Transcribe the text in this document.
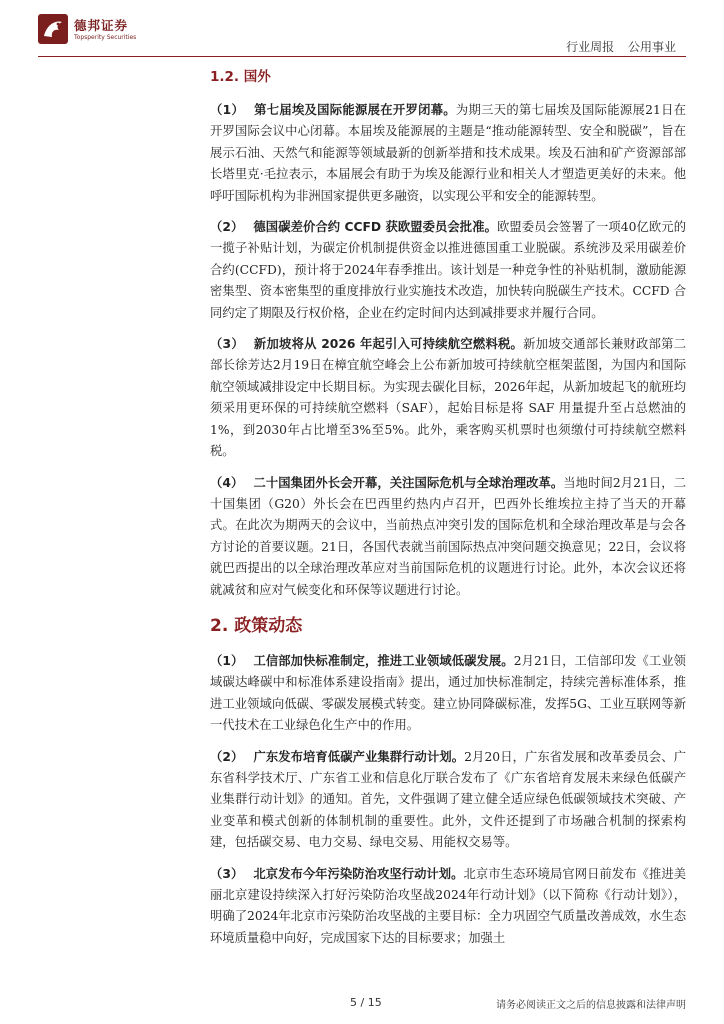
德邦证券
Topsperity Securities
行业周报 公用事业
1.2. 国外

（1） 第七届埃及国际能源展在开罗闭幕。为期三天的第七届埃及国际能源展21日在开罗国际会议中心闭幕。本届埃及能源展的主题是“推动能源转型、安全和脱碳”，旨在展示石油、天然气和能源等领域最新的创新举措和技术成果。埃及石油和矿产资源部部长塔里克·毛拉表示，本届展会有助于为埃及能源行业和相关人才塑造更美好的未来。他呼吁国际机构为非洲国家提供更多融资，以实现公平和安全的能源转型。

（2） 德国碳差价合约 CCFD 获欧盟委员会批准。欧盟委员会签署了一项40亿欧元的一揽子补贴计划，为碳定价机制提供资金以推进德国重工业脱碳。系统涉及采用碳差价合约(CCFD)，预计将于2024年春季推出。该计划是一种竞争性的补贴机制，激励能源密集型、资本密集型的重度排放行业实施技术改造，加快转向脱碳生产技术。CCFD 合同约定了期限及行权价格，企业在约定时间内达到减排要求并履行合同。

（3） 新加坡将从 2026 年起引入可持续航空燃料税。新加坡交通部长兼财政部第二部长徐芳达2月19日在樟宜航空峰会上公布新加坡可持续航空框架蓝图，为国内和国际航空领域减排设定中长期目标。为实现去碳化目标，2026年起，从新加坡起飞的航班均须采用更环保的可持续航空燃料（SAF），起始目标是将 SAF 用量提升至占总燃油的1%，到2030年占比增至3%至5%。此外，乘客购买机票时也须缴付可持续航空燃料税。

（4） 二十国集团外长会开幕，关注国际危机与全球治理改革。当地时间2月21日，二十国集团（G20）外长会在巴西里约热内卢召开，巴西外长维埃拉主持了当天的开幕式。在此次为期两天的会议中，当前热点冲突引发的国际危机和全球治理改革是与会各方讨论的首要议题。21日，各国代表就当前国际热点冲突问题交换意见；22日，会议将就巴西提出的以全球治理改革应对当前国际危机的议题进行讨论。此外，本次会议还将就减贫和应对气候变化和环保等议题进行讨论。

2. 政策动态

（1） 工信部加快标准制定，推进工业领域低碳发展。2月21日，工信部印发《工业领域碳达峰碳中和标准体系建设指南》提出，通过加快标准制定，持续完善标准体系，推进工业领域向低碳、零碳发展模式转变。建立协同降碳标准，发挥5G、工业互联网等新一代技术在工业绿色化生产中的作用。

（2） 广东发布培育低碳产业集群行动计划。2月20日，广东省发展和改革委员会、广东省科学技术厅、广东省工业和信息化厅联合发布了《广东省培育发展未来绿色低碳产业集群行动计划》的通知。首先，文件强调了建立健全适应绿色低碳领域技术突破、产业变革和模式创新的体制机制的重要性。此外，文件还提到了市场融合机制的探索构建，包括碳交易、电力交易、绿电交易、用能权交易等。

（3） 北京发布今年污染防治攻坚行动计划。北京市生态环境局官网日前发布《推进美丽北京建设持续深入打好污染防治攻坚战2024年行动计划》（以下简称《行动计划》），明确了2024年北京市污染防治攻坚战的主要目标：全力巩固空气质量改善成效，水生态环境质量稳中向好，完成国家下达的目标要求；加强土

5 / 15	请务必阅读正文之后的信息披露和法律声明
